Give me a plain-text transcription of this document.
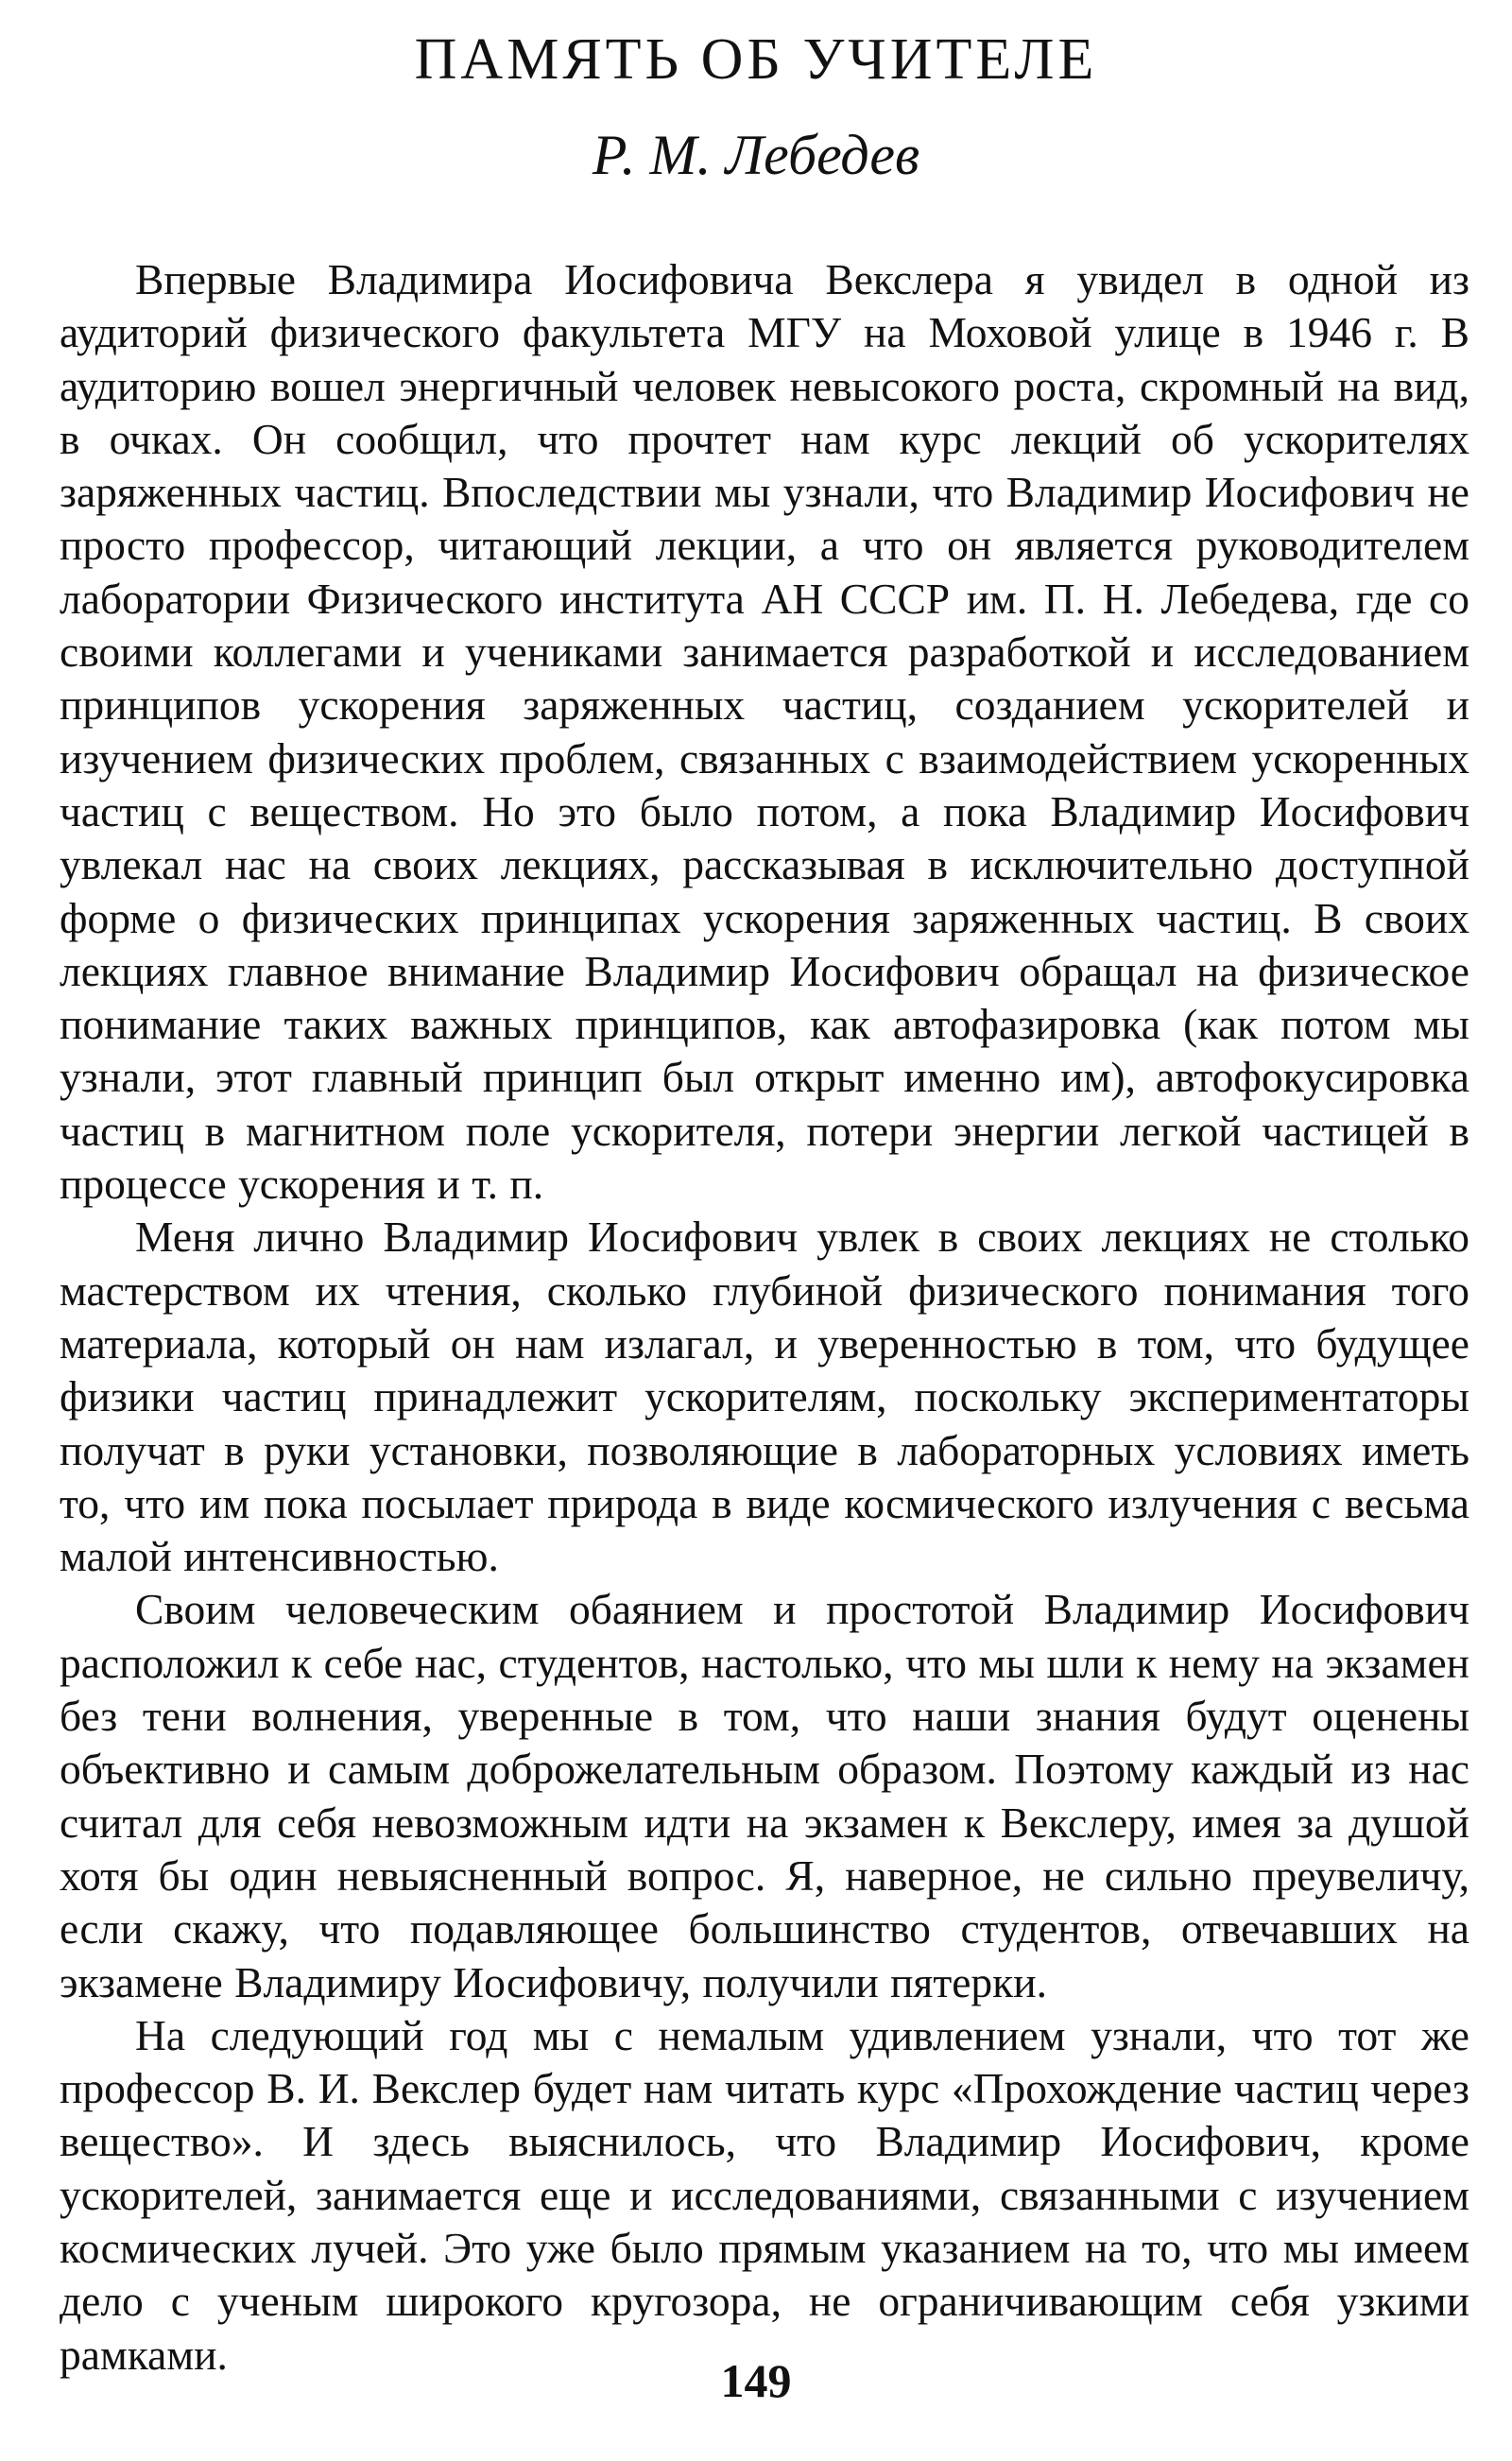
ПАМЯТЬ ОБ УЧИТЕЛЕ
Р. М. Лебедев

Впервые Владимира Иосифовича Векслера я увидел в одной из аудиторий физического факультета МГУ на Моховой улице в 1946 г. В аудиторию вошел энергичный человек невысокого роста, скромный на вид, в очках. Он сообщил, что прочтет нам курс лекций об ускорителях заряженных частиц. Впоследствии мы узнали, что Владимир Иосифович не просто профессор, читающий лекции, а что он является руководителем лаборатории Физического института АН СССР им. П. Н. Лебедева, где со своими коллегами и учениками занимается разработкой и исследованием принципов ускорения заряженных частиц, созданием ускорителей и изучением физических проблем, связанных с взаимодействием ускоренных частиц с веществом. Но это было потом, а пока Владимир Иосифович увлекал нас на своих лекциях, рассказывая в исключительно доступной форме о физических принципах ускорения заряженных частиц. В своих лекциях главное внимание Владимир Иосифович обращал на физическое понимание таких важных принципов, как автофазировка (как потом мы узнали, этот главный принцип был открыт именно им), автофокусировка частиц в магнитном поле ускорителя, потери энергии легкой частицей в процессе ускорения и т. п.

Меня лично Владимир Иосифович увлек в своих лекциях не столько мастерством их чтения, сколько глубиной физического понимания того материала, который он нам излагал, и уверенностью в том, что будущее физики частиц принадлежит ускорителям, поскольку экспериментаторы получат в руки установки, позволяющие в лабораторных условиях иметь то, что им пока посылает природа в виде космического излучения с весьма малой интенсивностью.

Своим человеческим обаянием и простотой Владимир Иосифович расположил к себе нас, студентов, настолько, что мы шли к нему на экзамен без тени волнения, уверенные в том, что наши знания будут оценены объективно и самым доброжелательным образом. Поэтому каждый из нас считал для себя невозможным идти на экзамен к Векслеру, имея за душой хотя бы один невыясненный вопрос. Я, наверное, не сильно преувеличу, если скажу, что подавляющее большинство студентов, отвечавших на экзамене Владимиру Иосифовичу, получили пятерки.

На следующий год мы с немалым удивлением узнали, что тот же профессор В. И. Векслер будет нам читать курс «Прохождение частиц через вещество». И здесь выяснилось, что Владимир Иосифович, кроме ускорителей, занимается еще и исследованиями, связанными с изучением космических лучей. Это уже было прямым указанием на то, что мы имеем дело с ученым широкого кругозора, не ограничивающим себя узкими рамками.	149
